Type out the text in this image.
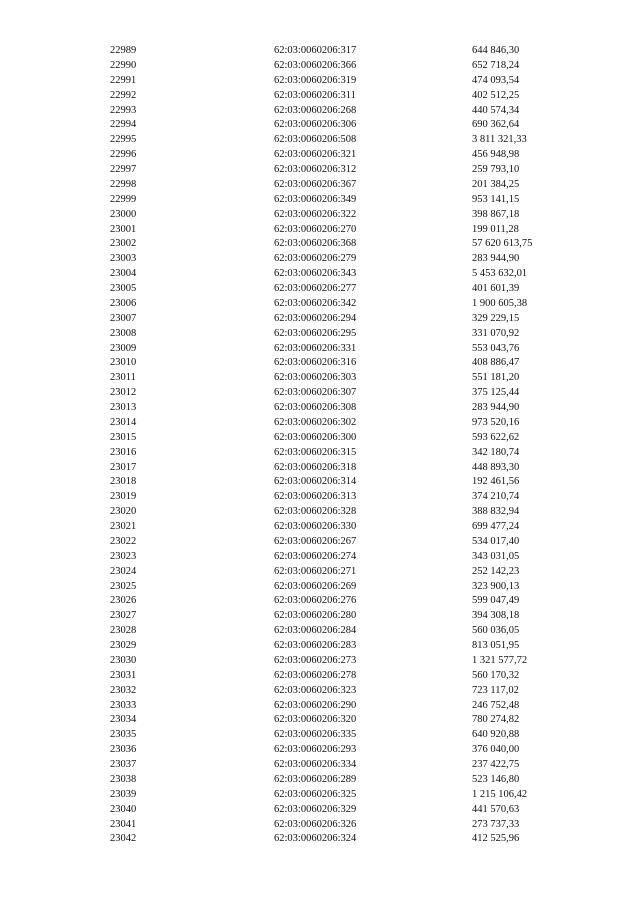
22989	62:03:0060206:317	644 846,30
22990	62:03:0060206:366	652 718,24
22991	62:03:0060206:319	474 093,54
22992	62:03:0060206:311	402 512,25
22993	62:03:0060206:268	440 574,34
22994	62:03:0060206:306	690 362,64
22995	62:03:0060206:508	3 811 321,33
22996	62:03:0060206:321	456 948,98
22997	62:03:0060206:312	259 793,10
22998	62:03:0060206:367	201 384,25
22999	62:03:0060206:349	953 141,15
23000	62:03:0060206:322	398 867,18
23001	62:03:0060206:270	199 011,28
23002	62:03:0060206:368	57 620 613,75
23003	62:03:0060206:279	283 944,90
23004	62:03:0060206:343	5 453 632,01
23005	62:03:0060206:277	401 601,39
23006	62:03:0060206:342	1 900 605,38
23007	62:03:0060206:294	329 229,15
23008	62:03:0060206:295	331 070,92
23009	62:03:0060206:331	553 043,76
23010	62:03:0060206:316	408 886,47
23011	62:03:0060206:303	551 181,20
23012	62:03:0060206:307	375 125,44
23013	62:03:0060206:308	283 944,90
23014	62:03:0060206:302	973 520,16
23015	62:03:0060206:300	593 622,62
23016	62:03:0060206:315	342 180,74
23017	62:03:0060206:318	448 893,30
23018	62:03:0060206:314	192 461,56
23019	62:03:0060206:313	374 210,74
23020	62:03:0060206:328	388 832,94
23021	62:03:0060206:330	699 477,24
23022	62:03:0060206:267	534 017,40
23023	62:03:0060206:274	343 031,05
23024	62:03:0060206:271	252 142,23
23025	62:03:0060206:269	323 900,13
23026	62:03:0060206:276	599 047,49
23027	62:03:0060206:280	394 308,18
23028	62:03:0060206:284	560 036,05
23029	62:03:0060206:283	813 051,95
23030	62:03:0060206:273	1 321 577,72
23031	62:03:0060206:278	560 170,32
23032	62:03:0060206:323	723 117,02
23033	62:03:0060206:290	246 752,48
23034	62:03:0060206:320	780 274,82
23035	62:03:0060206:335	640 920,88
23036	62:03:0060206:293	376 040,00
23037	62:03:0060206:334	237 422,75
23038	62:03:0060206:289	523 146,80
23039	62:03:0060206:325	1 215 106,42
23040	62:03:0060206:329	441 570,63
23041	62:03:0060206:326	273 737,33
23042	62:03:0060206:324	412 525,96
